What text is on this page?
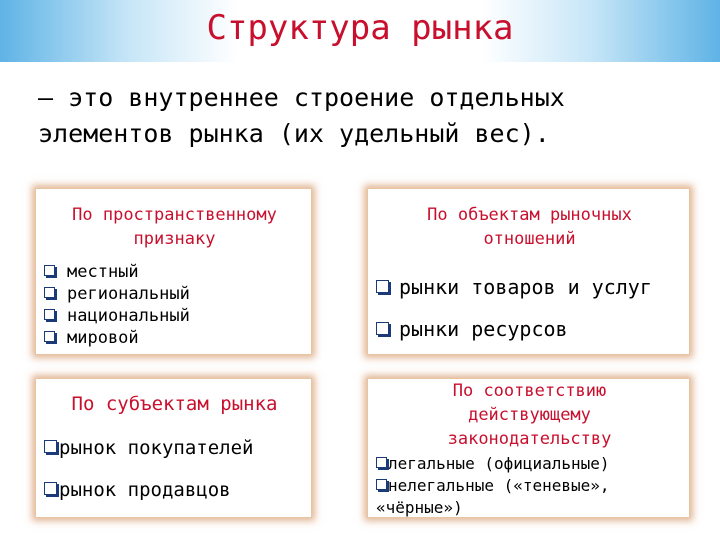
Структура рынка
– это внутреннее строение отдельных
элементов рынка (их удельный вес).
По пространственному
признаку
местный
региональный
национальный
мировой
По объектам рыночных
отношений
рынки товаров и услуг
рынки ресурсов
По субъектам рынка
рынок покупателей
рынок продавцов
По соответствию
действующему
законодательству
легальные (официальные)
нелегальные («теневые»,
«чёрные»)
